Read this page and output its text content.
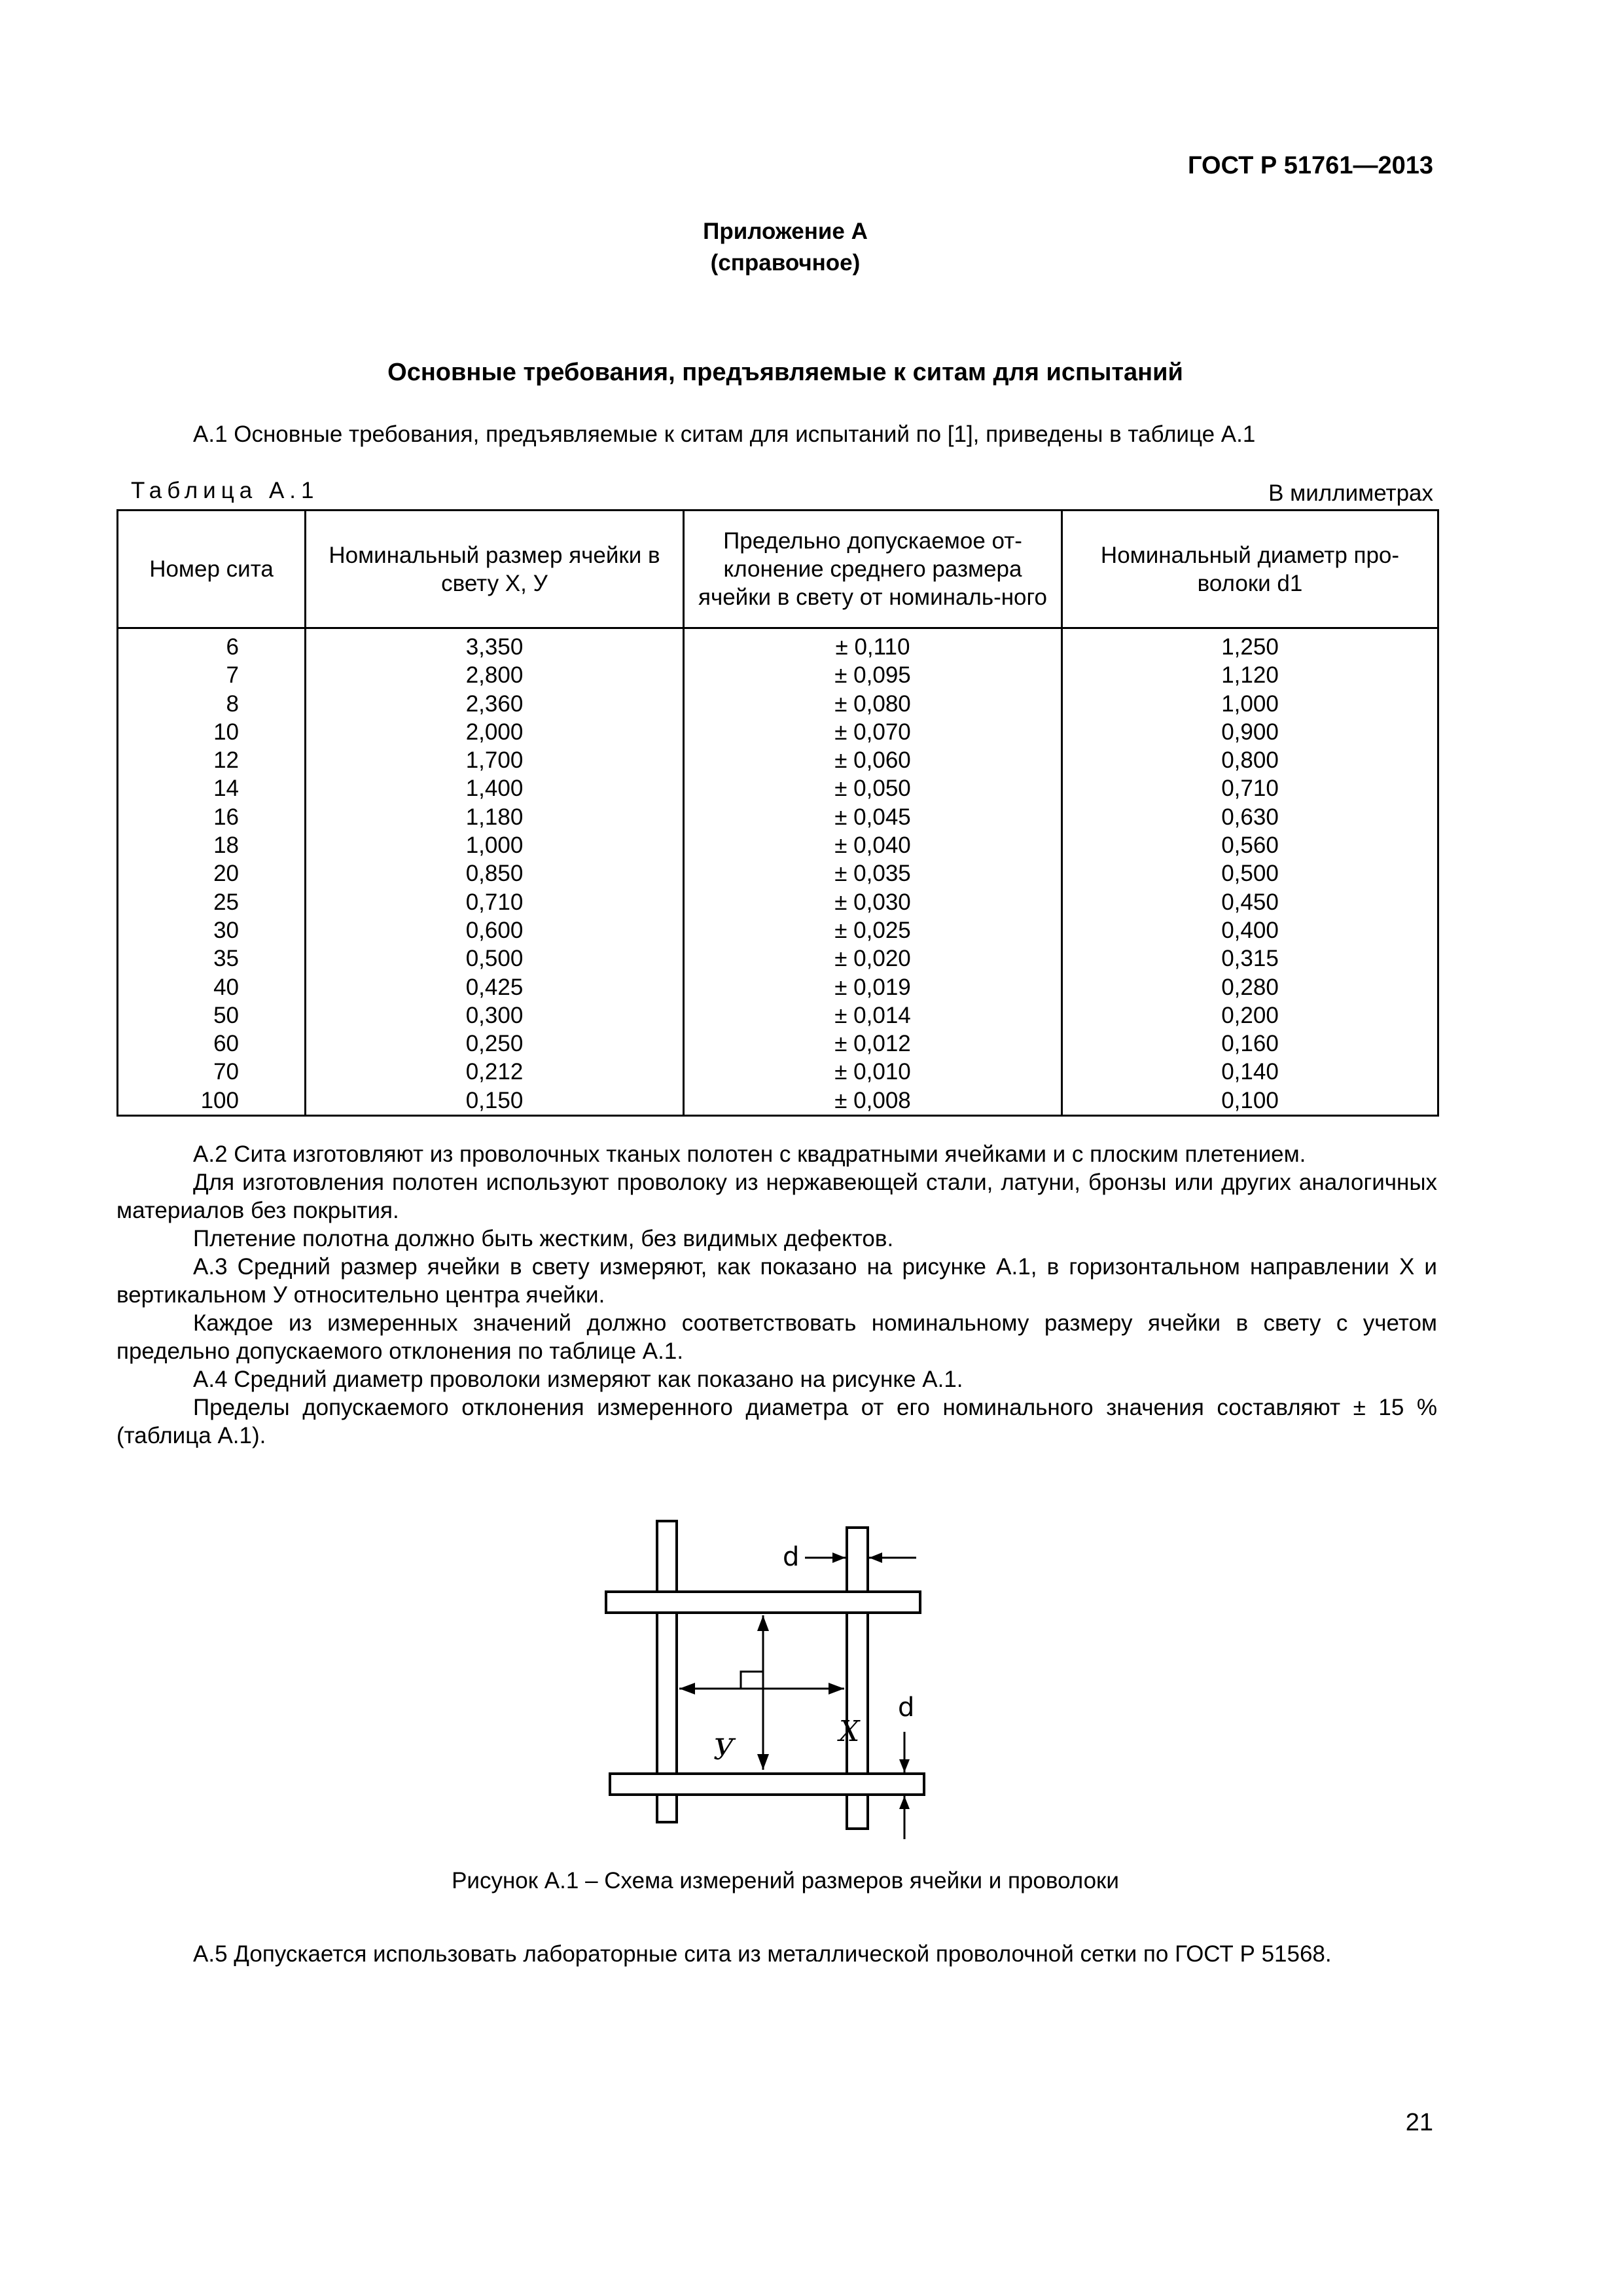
ГОСТ Р 51761—2013
Приложение А
(справочное)
Основные требования, предъявляемые к ситам для испытаний
А.1 Основные требования, предъявляемые к ситам для испытаний по [1], приведены в таблице А.1
Таблица А.1	В миллиметрах
Номер сита	Номинальный размер ячейки в свету X, У	Предельно допускаемое от-клонение среднего размера ячейки в свету от номиналь-ного	Номинальный диаметр про-волоки d1
6	3,350	± 0,110	1,250
7	2,800	± 0,095	1,120
8	2,360	± 0,080	1,000
10	2,000	± 0,070	0,900
12	1,700	± 0,060	0,800
14	1,400	± 0,050	0,710
16	1,180	± 0,045	0,630
18	1,000	± 0,040	0,560
20	0,850	± 0,035	0,500
25	0,710	± 0,030	0,450
30	0,600	± 0,025	0,400
35	0,500	± 0,020	0,315
40	0,425	± 0,019	0,280
50	0,300	± 0,014	0,200
60	0,250	± 0,012	0,160
70	0,212	± 0,010	0,140
100	0,150	± 0,008	0,100
А.2 Сита изготовляют из проволочных тканых полотен с квадратными ячейками и с плоским плетением.
Для изготовления полотен используют проволоку из нержавеющей стали, латуни, бронзы или других аналогичных материалов без покрытия.
Плетение полотна должно быть жестким, без видимых дефектов.
А.3 Средний размер ячейки в свету измеряют, как показано на рисунке А.1, в горизонтальном направлении X и вертикальном У относительно центра ячейки.
Каждое из измеренных значений должно соответствовать номинальному размеру ячейки в свету с учетом предельно допускаемого отклонения по таблице А.1.
А.4 Средний диаметр проволоки измеряют как показано на рисунке А.1.
Пределы допускаемого отклонения измеренного диаметра от его номинального значения составляют ± 15 % (таблица А.1).
d
X
У
d
Рисунок А.1 – Схема измерений размеров ячейки и проволоки
А.5 Допускается использовать лабораторные сита из металлической проволочной сетки по ГОСТ Р 51568.
21
